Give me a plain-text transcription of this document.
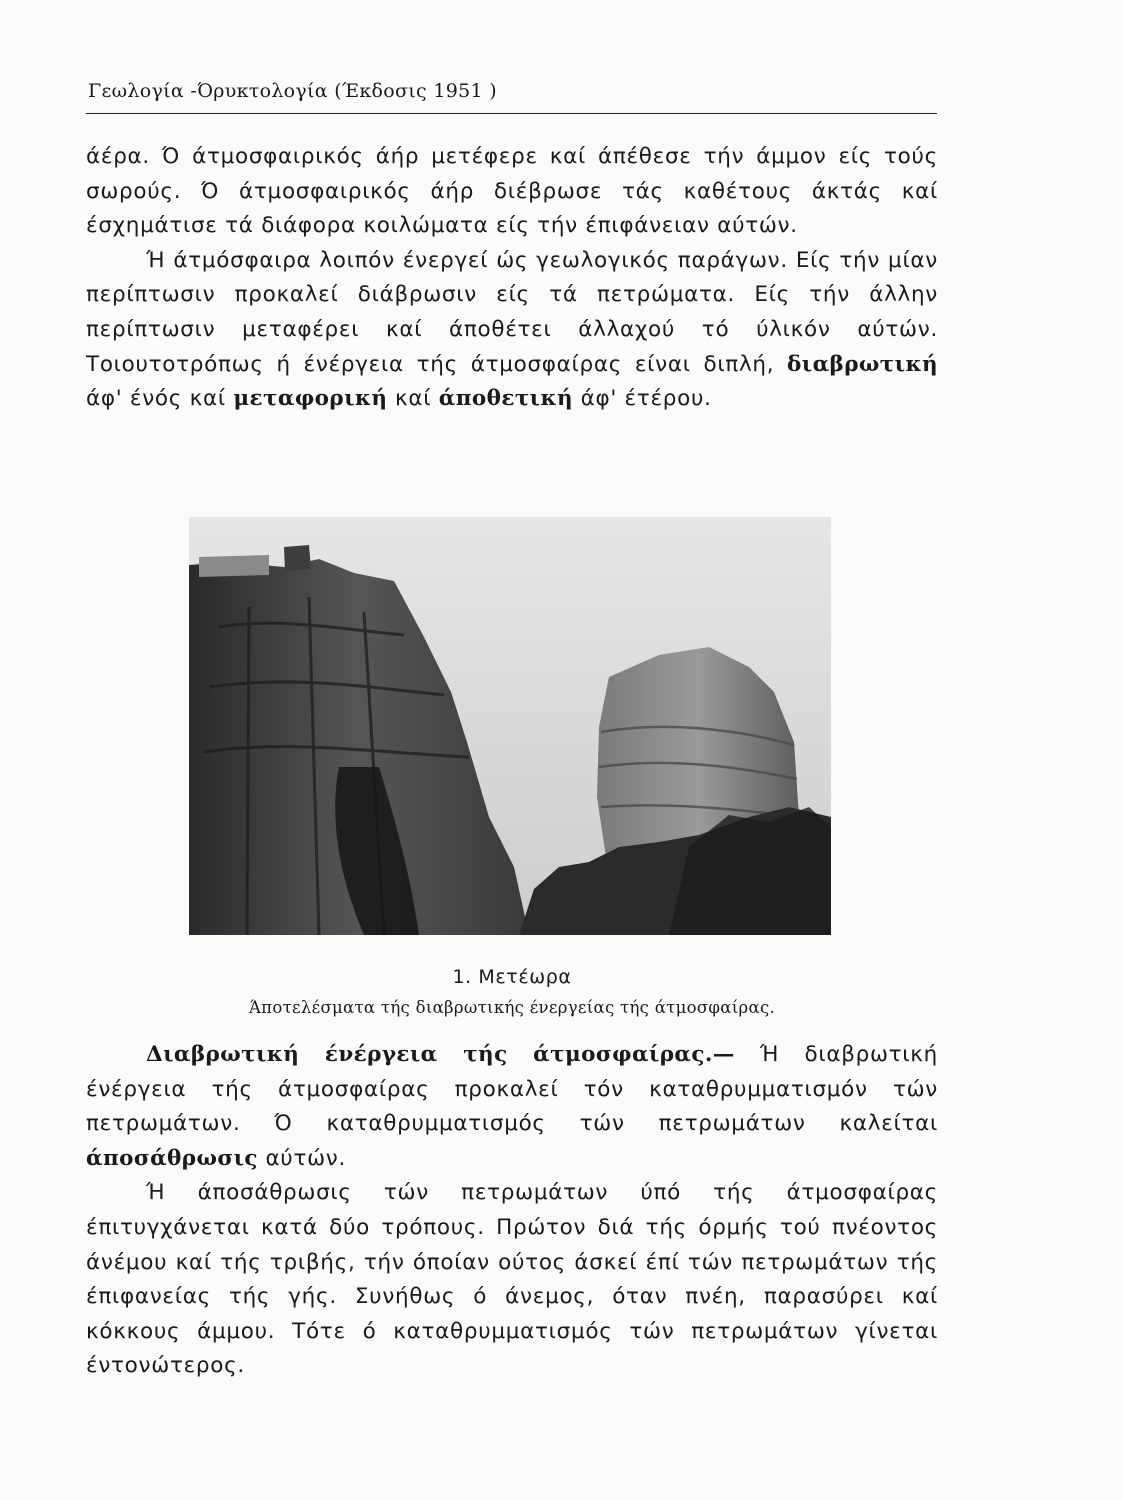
Γεωλογία -Όρυκτολογία (Έκδοσις 1951 )

άέρα. Ό άτμοσφαιρικός άήρ μετέφερε καί άπέθεσε τήν άμμον είς τούς σωρούς. Ό άτμοσφαιρικός άήρ διέβρωσε τάς καθέτους άκτάς καί έσχημάτισε τά διάφορα κοιλώματα είς τήν έπιφάνειαν αύτών.

Ή άτμόσφαιρα λοιπόν ένεργεί ώς γεωλογικός παράγων. Είς τήν μίαν περίπτωσιν προκαλεί διάβρωσιν είς τά πετρώματα. Είς τήν άλλην περίπτωσιν μεταφέρει καί άποθέτει άλλαχού τό ύλικόν αύτών. Τοιουτοτρόπως ή ένέργεια τής άτμοσφαίρας είναι διπλή, διαβρωτική άφ' ένός καί μεταφορική καί άποθετική άφ' έτέρου.

1. Μετέωρα
Άποτελέσματα τής διαβρωτικής ένεργείας τής άτμοσφαίρας.

Διαβρωτική ένέργεια τής άτμοσφαίρας.— Ή διαβρωτική ένέργεια τής άτμοσφαίρας προκαλεί τόν καταθρυμματισμόν τών πετρωμάτων. Ό καταθρυμματισμός τών πετρωμάτων καλείται άποσάθρωσις αύτών.

Ή άποσάθρωσις τών πετρωμάτων ύπό τής άτμοσφαίρας έπιτυγχάνεται κατά δύο τρόπους. Πρώτον διά τής όρμής τού πνέοντος άνέμου καί τής τριβής, τήν όποίαν ούτος άσκεί έπί τών πετρωμάτων τής έπιφανείας τής γής. Συνήθως ό άνεμος, όταν πνέη, παρασύρει καί κόκκους άμμου. Τότε ό καταθρυμματισμός τών πετρωμάτων γίνεται έντονώτερος.
